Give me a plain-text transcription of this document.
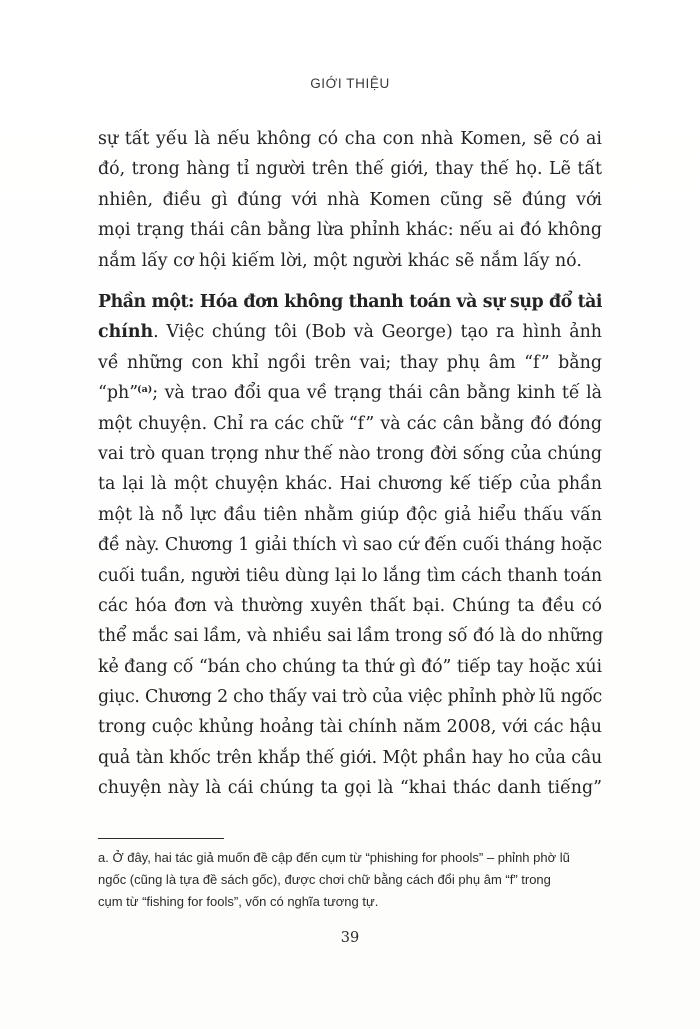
GIỚI THIỆU
sự tất yếu là nếu không có cha con nhà Komen, sẽ có ai
đó, trong hàng tỉ người trên thế giới, thay thế họ. Lẽ tất
nhiên, điều gì đúng với nhà Komen cũng sẽ đúng với
mọi trạng thái cân bằng lừa phỉnh khác: nếu ai đó không
nắm lấy cơ hội kiếm lời, một người khác sẽ nắm lấy nó.
Phần một: Hóa đơn không thanh toán và sự sụp đổ tài
chính. Việc chúng tôi (Bob và George) tạo ra hình ảnh
về những con khỉ ngồi trên vai; thay phụ âm “f” bằng
“ph”$^{(a)}$; và trao đổi qua về trạng thái cân bằng kinh tế là
một chuyện. Chỉ ra các chữ “f” và các cân bằng đó đóng
vai trò quan trọng như thế nào trong đời sống của chúng
ta lại là một chuyện khác. Hai chương kế tiếp của phần
một là nỗ lực đầu tiên nhằm giúp độc giả hiểu thấu vấn
đề này. Chương 1 giải thích vì sao cứ đến cuối tháng hoặc
cuối tuần, người tiêu dùng lại lo lắng tìm cách thanh toán
các hóa đơn và thường xuyên thất bại. Chúng ta đều có
thể mắc sai lầm, và nhiều sai lầm trong số đó là do những
kẻ đang cố “bán cho chúng ta thứ gì đó” tiếp tay hoặc xúi
giục. Chương 2 cho thấy vai trò của việc phỉnh phờ lũ ngốc
trong cuộc khủng hoảng tài chính năm 2008, với các hậu
quả tàn khốc trên khắp thế giới. Một phần hay ho của câu
chuyện này là cái chúng ta gọi là “khai thác danh tiếng”
a. Ở đây, hai tác giả muốn đề cập đến cụm từ “phishing for phools” – phỉnh phờ lũ
ngốc (cũng là tựa đề sách gốc), được chơi chữ bằng cách đổi phụ âm “f” trong
cụm từ “fishing for fools”, vốn có nghĩa tương tự.
39
